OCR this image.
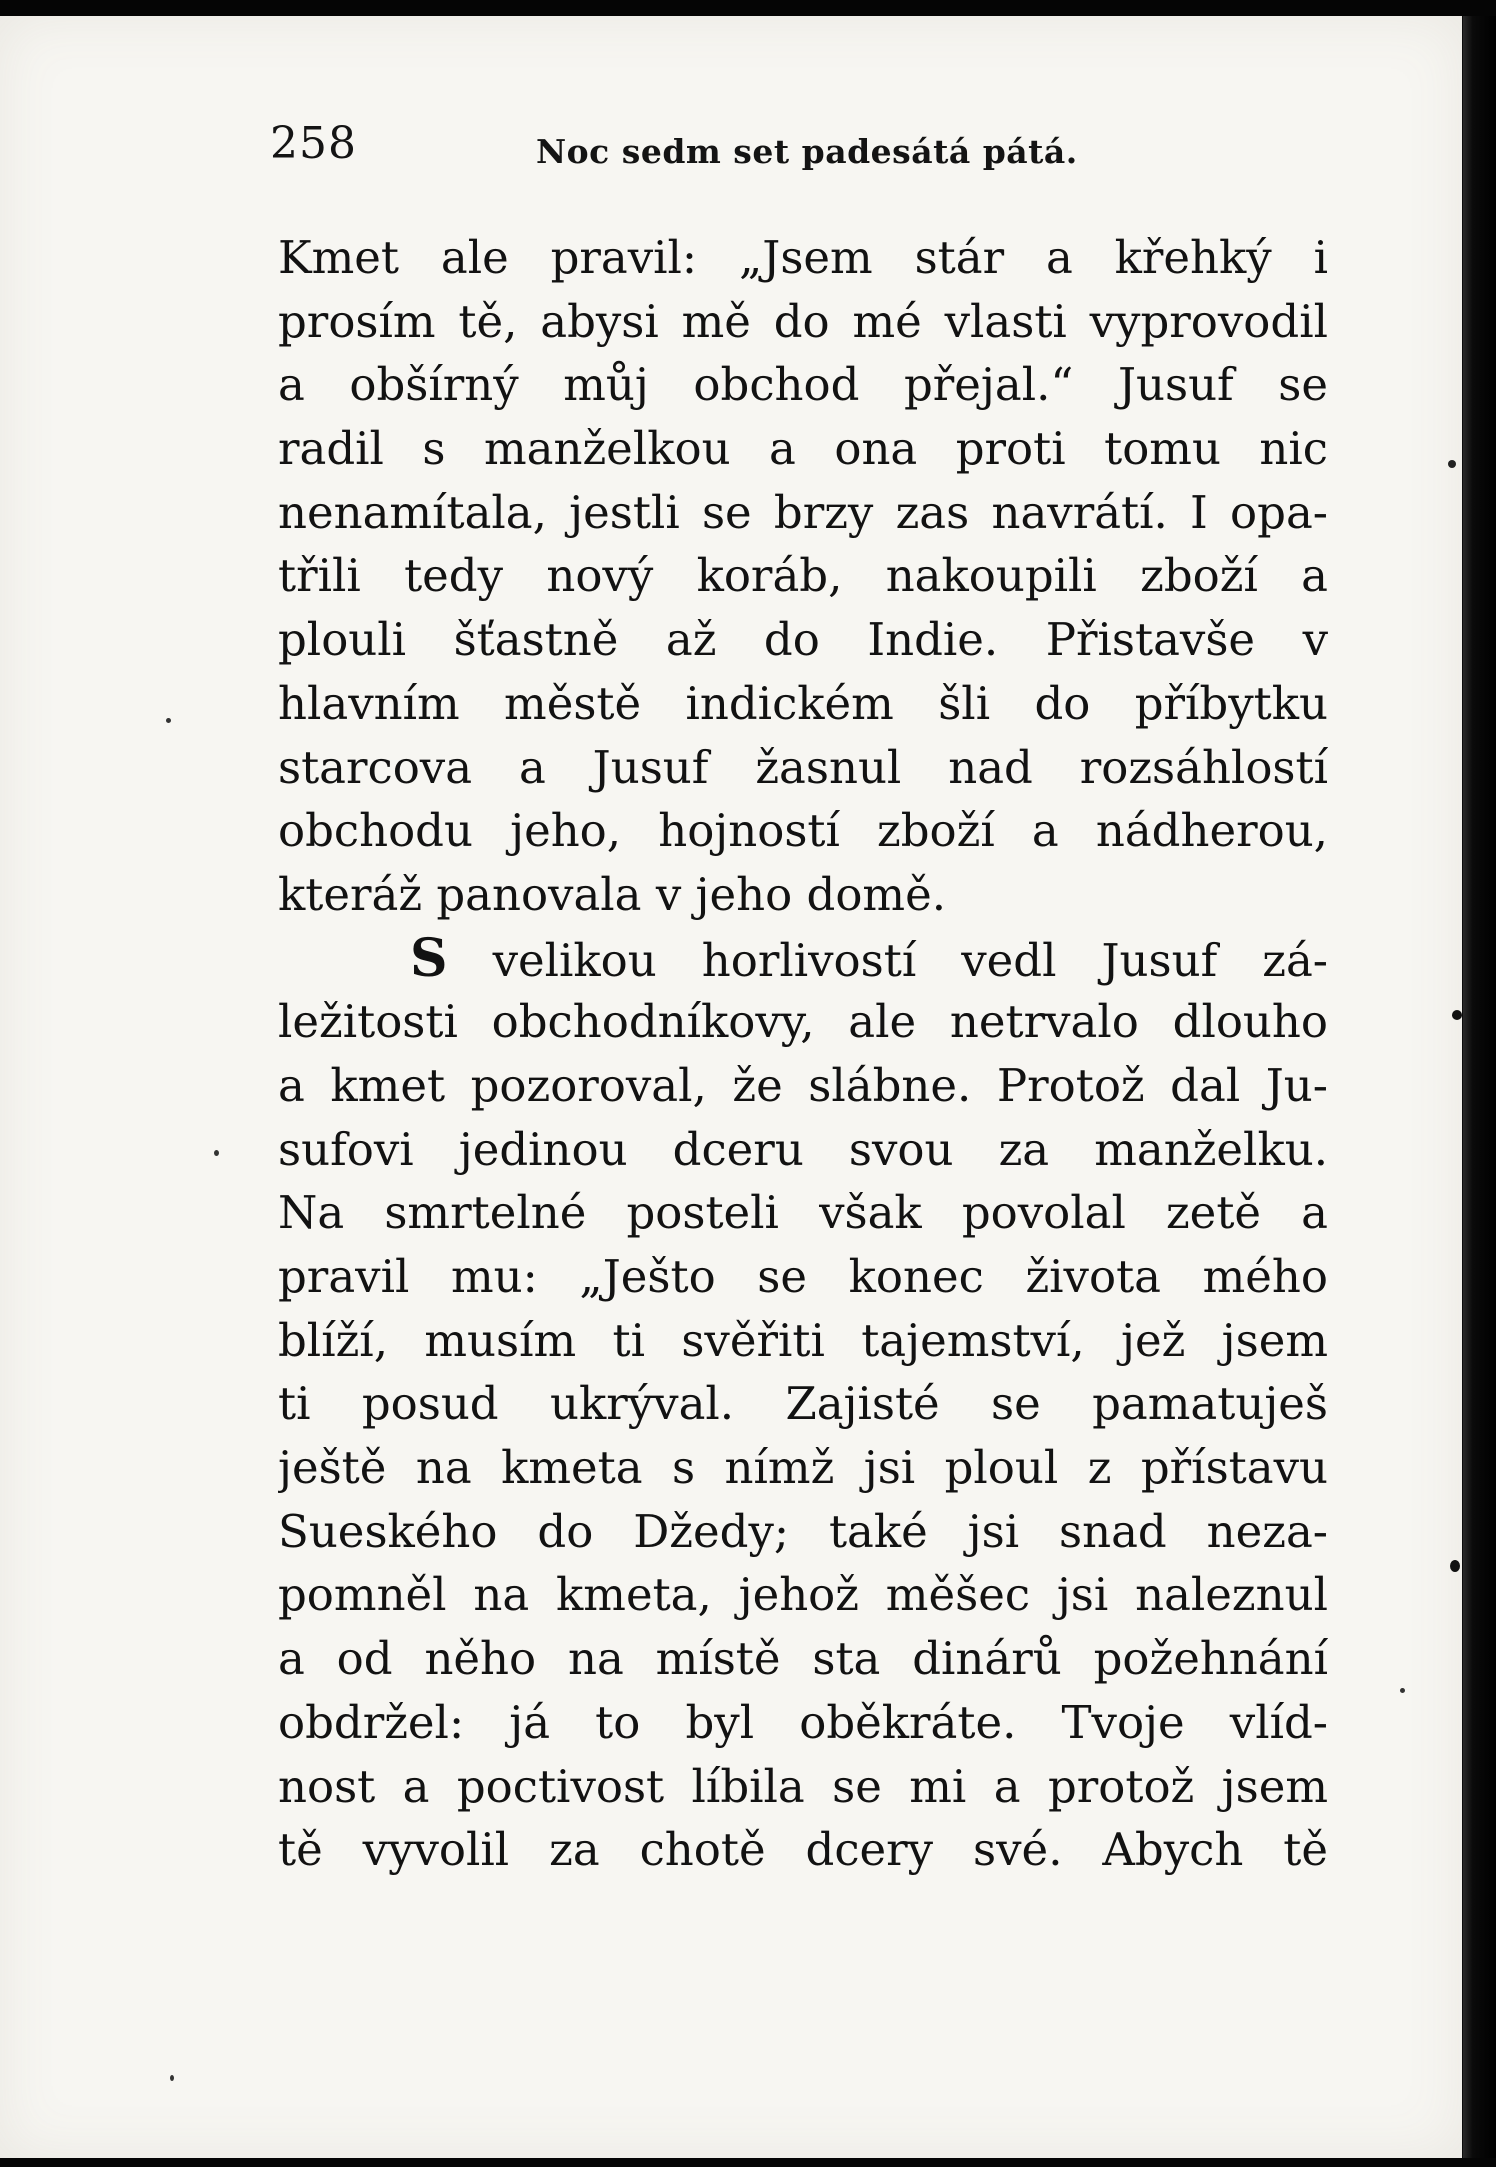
258	Noc sedm set padesátá pátá.
Kmet ale pravil: „Jsem stár a křehký i
prosím tě, abysi mě do mé vlasti vyprovodil
a obšírný můj obchod přejal.“ Jusuf se
radil s manželkou a ona proti tomu nic
nenamítala, jestli se brzy zas navrátí. I opa-
třili tedy nový koráb, nakoupili zboží a
plouli šťastně až do Indie. Přistavše v
hlavním městě indickém šli do příbytku
starcova a Jusuf žasnul nad rozsáhlostí
obchodu jeho, hojností zboží a nádherou,
kteráž panovala v jeho domě.
S velikou horlivostí vedl Jusuf zá-
ležitosti obchodníkovy, ale netrvalo dlouho
a kmet pozoroval, že slábne. Protož dal Ju-
sufovi jedinou dceru svou za manželku.
Na smrtelné posteli však povolal zetě a
pravil mu: „Ješto se konec života mého
blíží, musím ti svěřiti tajemství, jež jsem
ti posud ukrýval. Zajisté se pamatuješ
ještě na kmeta s nímž jsi ploul z přístavu
Sueského do Džedy; také jsi snad neza-
pomněl na kmeta, jehož měšec jsi naleznul
a od něho na místě sta dinárů požehnání
obdržel: já to byl oběkráte. Tvoje vlíd-
nost a poctivost líbila se mi a protož jsem
tě vyvolil za chotě dcery své. Abych tě
